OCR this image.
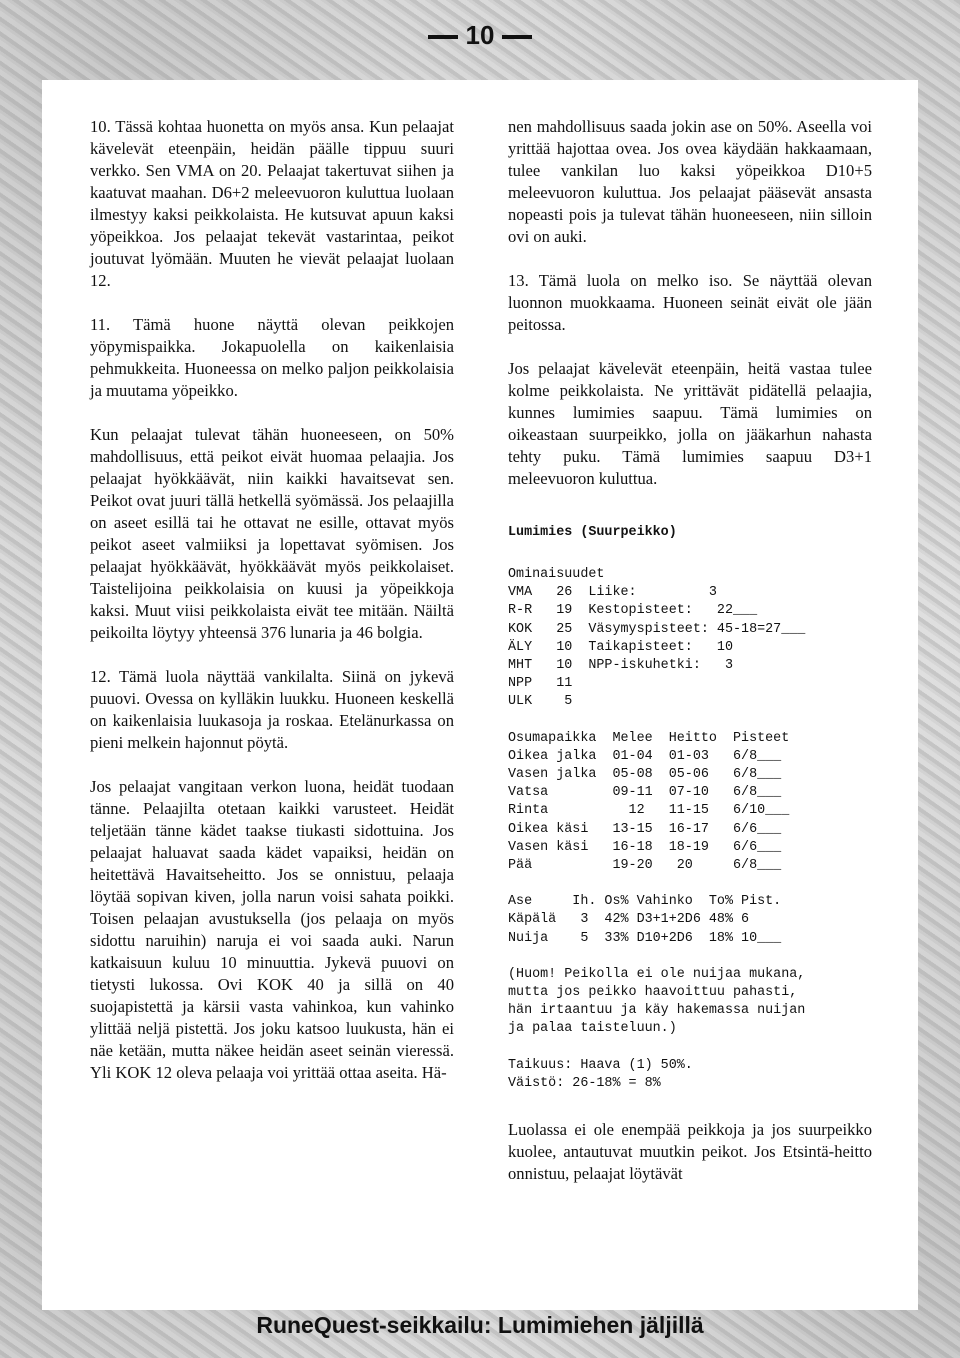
10

10. Tässä kohtaa huonetta on myös ansa. Kun pelaajat kävelevät eteenpäin, heidän päälle tippuu suuri verkko. Sen VMA on 20. Pelaajat takertuvat siihen ja kaatuvat maahan. D6+2 meleevuoron kuluttua luolaan ilmestyy kaksi peikkolaista. He kutsuvat apuun kaksi yöpeikkoa. Jos pelaajat tekevät vastarintaa, peikot joutuvat lyömään. Muuten he vievät pelaajat luolaan 12.

11. Tämä huone näyttä olevan peikkojen yöpymispaikka. Jokapuolella on kaikenlaisia pehmukkeita. Huoneessa on melko paljon peikkolaisia ja muutama yöpeikko.

Kun pelaajat tulevat tähän huoneeseen, on 50% mahdollisuus, että peikot eivät huomaa pelaajia. Jos pelaajat hyökkäävät, niin kaikki havaitsevat sen. Peikot ovat juuri tällä hetkellä syömässä. Jos pelaajilla on aseet esillä tai he ottavat ne esille, ottavat myös peikot aseet valmiiksi ja lopettavat syömisen. Jos pelaajat hyökkäävät, hyökkäävät myös peikkolaiset. Taistelijoina peikkolaisia on kuusi ja yöpeikkoja kaksi. Muut viisi peikkolaista eivät tee mitään. Näiltä peikoilta löytyy yhteensä 376 lunaria ja 46 bolgia.

12. Tämä luola näyttää vankilalta. Siinä on jykevä puuovi. Ovessa on kylläkin luukku. Huoneen keskellä on kaikenlaisia luukasoja ja roskaa. Etelänurkassa on pieni melkein hajonnut pöytä.

Jos pelaajat vangitaan verkon luona, heidät tuodaan tänne. Pelaajilta otetaan kaikki varusteet. Heidät teljetään tänne kädet taakse tiukasti sidottuina. Jos pelaajat haluavat saada kädet vapaiksi, heidän on heitettävä Havaitseheitto. Jos se onnistuu, pelaaja löytää sopivan kiven, jolla narun voisi sahata poikki. Toisen pelaajan avustuksella (jos pelaaja on myös sidottu naruihin) naruja ei voi saada auki. Narun katkaisuun kuluu 10 minuuttia. Jykevä puuovi on tietysti lukossa. Ovi KOK 40 ja sillä on 40 suojapistettä ja kärsii vasta vahinkoa, kun vahinko ylittää neljä pistettä. Jos joku katsoo luukusta, hän ei näe ketään, mutta näkee heidän aseet seinän vieressä. Yli KOK 12 oleva pelaaja voi yrittää ottaa aseita. Hä-

nen mahdollisuus saada jokin ase on 50%. Aseella voi yrittää hajottaa ovea. Jos ovea käydään hakkaamaan, tulee vankilan luo kaksi yöpeikkoa D10+5 meleevuoron kuluttua. Jos pelaajat pääsevät ansasta nopeasti pois ja tulevat tähän huoneeseen, niin silloin ovi on auki.

13. Tämä luola on melko iso. Se näyttää olevan luonnon muokkaama. Huoneen seinät eivät ole jään peitossa.

Jos pelaajat kävelevät eteenpäin, heitä vastaa tulee kolme peikkolaista. Ne yrittävät pidätellä pelaajia, kunnes lumimies saapuu. Tämä lumimies on oikeastaan suurpeikko, jolla on jääkarhun nahasta tehty puku. Tämä lumimies saapuu D3+1 meleevuoron kuluttua.

Lumimies (Suurpeikko)
Ominaisuudet
VMA   26  Liike:         3
R-R   19  Kestopisteet:   22___
KOK   25  Väsymyspisteet: 45-18=27___
ÄLY   10  Taikapisteet:   10
MHT   10  NPP-iskuhetki:   3
NPP   11
ULK    5
Osumapaikka  Melee  Heitto  Pisteet
Oikea jalka  01-04  01-03   6/8___
Vasen jalka  05-08  05-06   6/8___
Vatsa        09-11  07-10   6/8___
Rinta          12   11-15   6/10___
Oikea käsi   13-15  16-17   6/6___
Vasen käsi   16-18  18-19   6/6___
Pää          19-20   20     6/8___
Ase     Ih. Os% Vahinko  To% Pist.
Käpälä   3  42% D3+1+2D6 48% 6
Nuija    5  33% D10+2D6  18% 10___
(Huom! Peikolla ei ole nuijaa mukana,
mutta jos peikko haavoittuu pahasti,
hän irtaantuu ja käy hakemassa nuijan
ja palaa taisteluun.)
Taikuus: Haava (1) 50%.
Väistö: 26-18% = 8%

Luolassa ei ole enempää peikkoja ja jos suurpeikko kuolee, antautuvat muutkin peikot. Jos Etsintä-heitto onnistuu, pelaajat löytävät

RuneQuest-seikkailu: Lumimiehen jäljillä
